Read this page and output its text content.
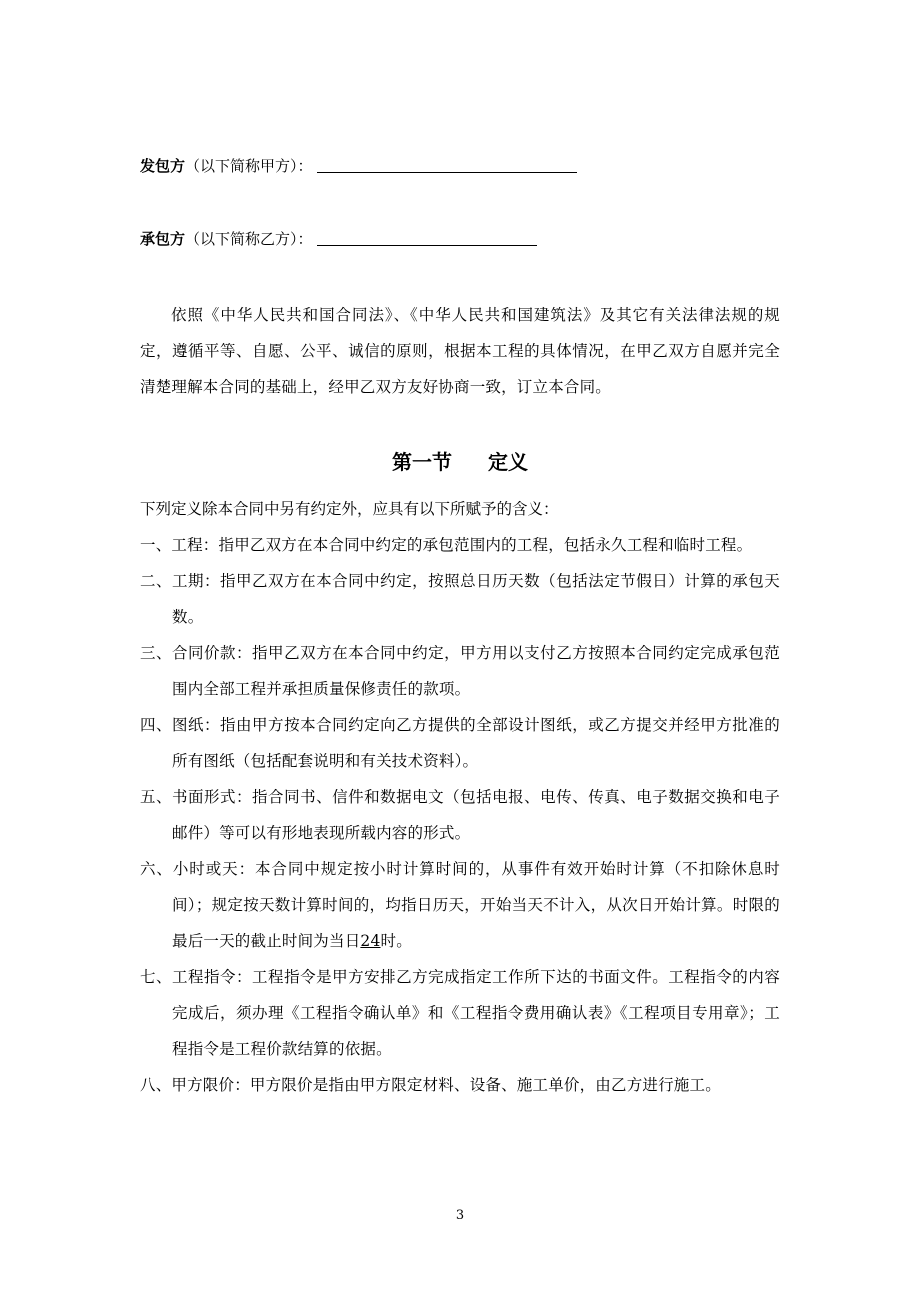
发包方（以下简称甲方）：
承包方（以下简称乙方）：

依照《中华人民共和国合同法》、《中华人民共和国建筑法》及其它有关法律法规的规定，遵循平等、自愿、公平、诚信的原则，根据本工程的具体情况，在甲乙双方自愿并完全清楚理解本合同的基础上，经甲乙双方友好协商一致，订立本合同。

第一节 定义

下列定义除本合同中另有约定外，应具有以下所赋予的含义：

一、工程：指甲乙双方在本合同中约定的承包范围内的工程，包括永久工程和临时工程。

二、工期：指甲乙双方在本合同中约定，按照总日历天数（包括法定节假日）计算的承包天数。

三、合同价款：指甲乙双方在本合同中约定，甲方用以支付乙方按照本合同约定完成承包范围内全部工程并承担质量保修责任的款项。

四、图纸：指由甲方按本合同约定向乙方提供的全部设计图纸，或乙方提交并经甲方批准的所有图纸（包括配套说明和有关技术资料）。

五、书面形式：指合同书、信件和数据电文（包括电报、电传、传真、电子数据交换和电子邮件）等可以有形地表现所载内容的形式。

六、小时或天：本合同中规定按小时计算时间的，从事件有效开始时计算（不扣除休息时间）；规定按天数计算时间的，均指日历天，开始当天不计入，从次日开始计算。时限的最后一天的截止时间为当日24时。

七、工程指令：工程指令是甲方安排乙方完成指定工作所下达的书面文件。工程指令的内容完成后，须办理《工程指令确认单》和《工程指令费用确认表》《工程项目专用章》；工程指令是工程价款结算的依据。

八、甲方限价：甲方限价是指由甲方限定材料、设备、施工单价，由乙方进行施工。

3
